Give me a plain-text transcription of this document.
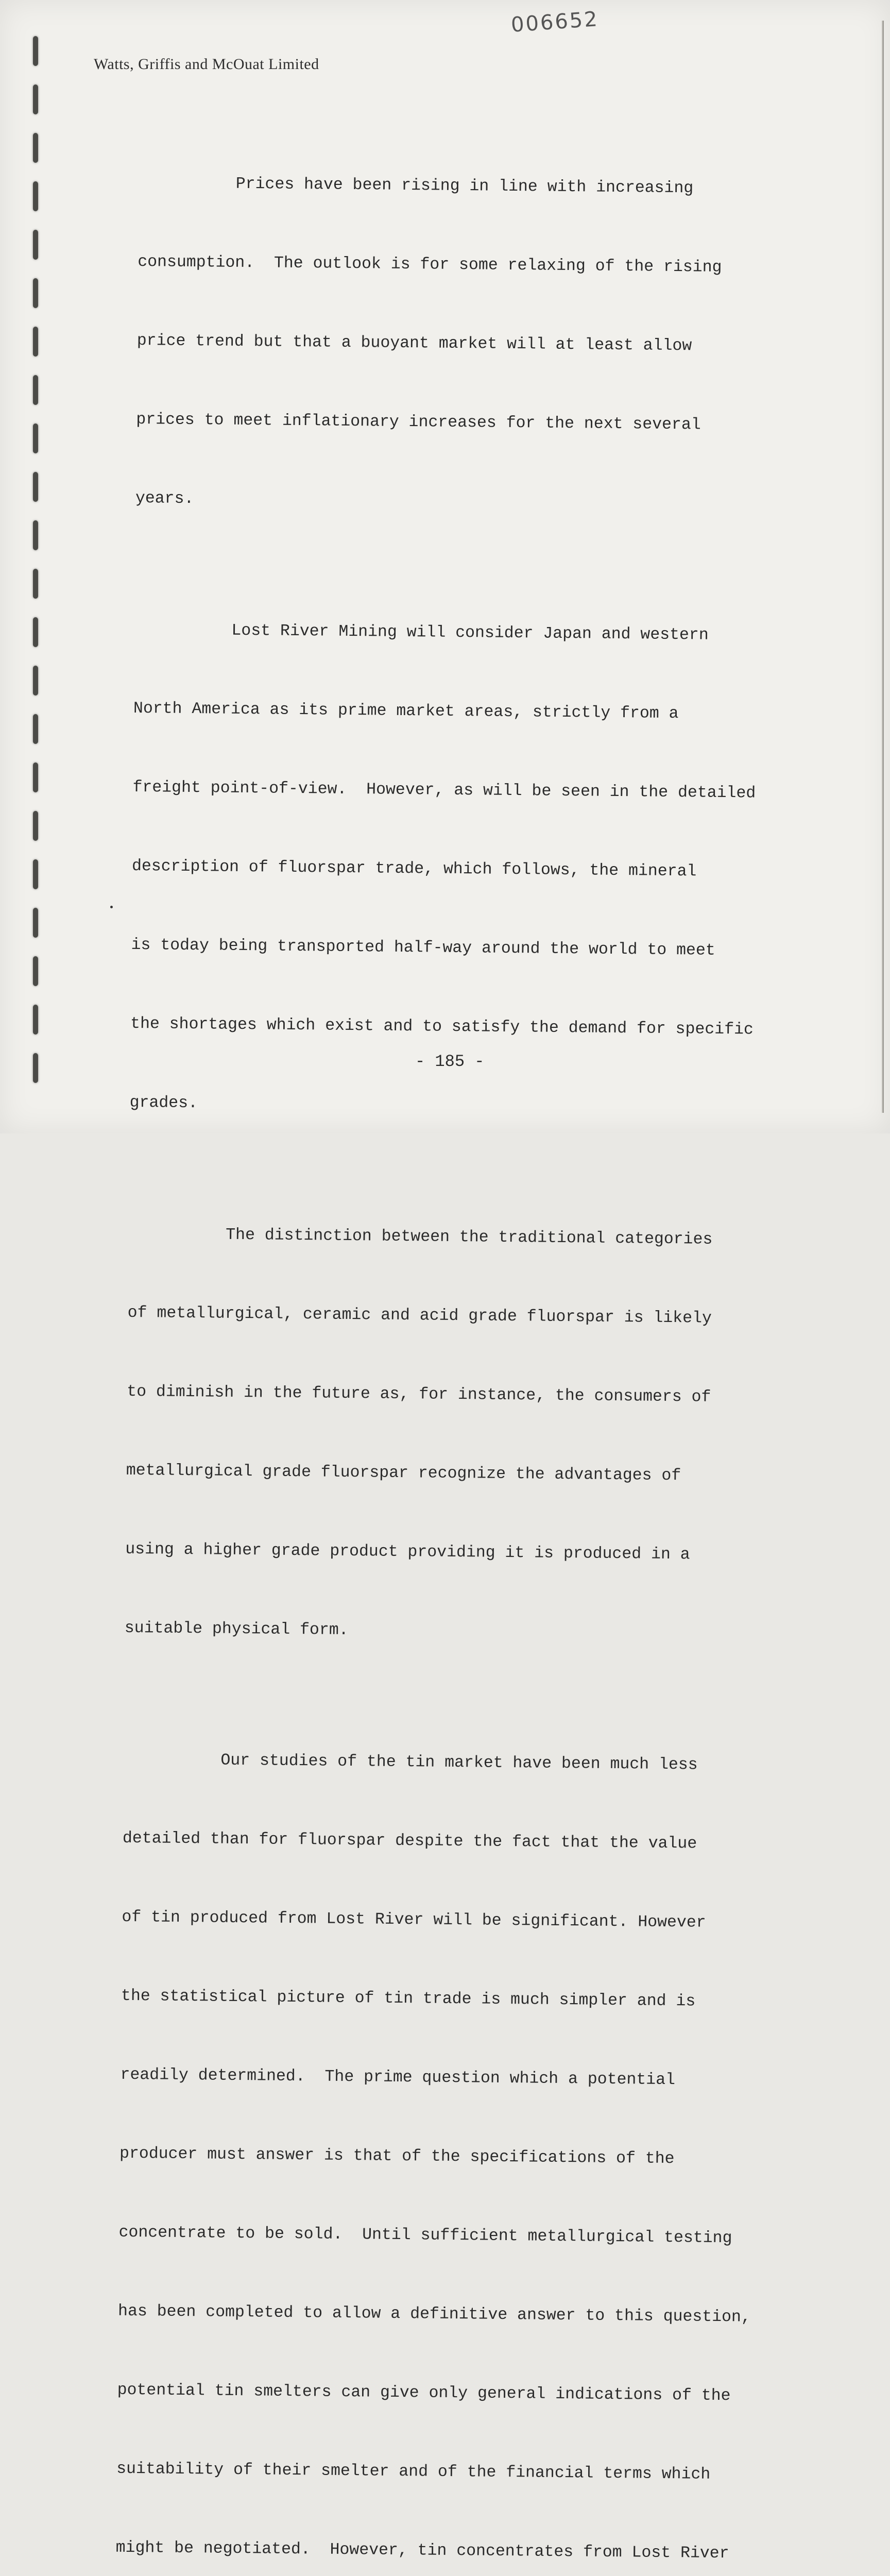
006652
Watts, Griffis and McOuat Limited

Prices have been rising in line with increasing

consumption.  The outlook is for some relaxing of the rising

price trend but that a buoyant market will at least allow

prices to meet inflationary increases for the next several

years.

Lost River Mining will consider Japan and western

North America as its prime market areas, strictly from a

freight point-of-view.  However, as will be seen in the detailed

description of fluorspar trade, which follows, the mineral

is today being transported half-way around the world to meet

the shortages which exist and to satisfy the demand for specific

grades.

The distinction between the traditional categories

of metallurgical, ceramic and acid grade fluorspar is likely

to diminish in the future as, for instance, the consumers of

metallurgical grade fluorspar recognize the advantages of

using a higher grade product providing it is produced in a

suitable physical form.

Our studies of the tin market have been much less

detailed than for fluorspar despite the fact that the value

of tin produced from Lost River will be significant. However

the statistical picture of tin trade is much simpler and is

readily determined.  The prime question which a potential

producer must answer is that of the specifications of the

concentrate to be sold.  Until sufficient metallurgical testing

has been completed to allow a definitive answer to this question,

potential tin smelters can give only general indications of the

suitability of their smelter and of the financial terms which

might be negotiated.  However, tin concentrates from Lost River

- 185 -
